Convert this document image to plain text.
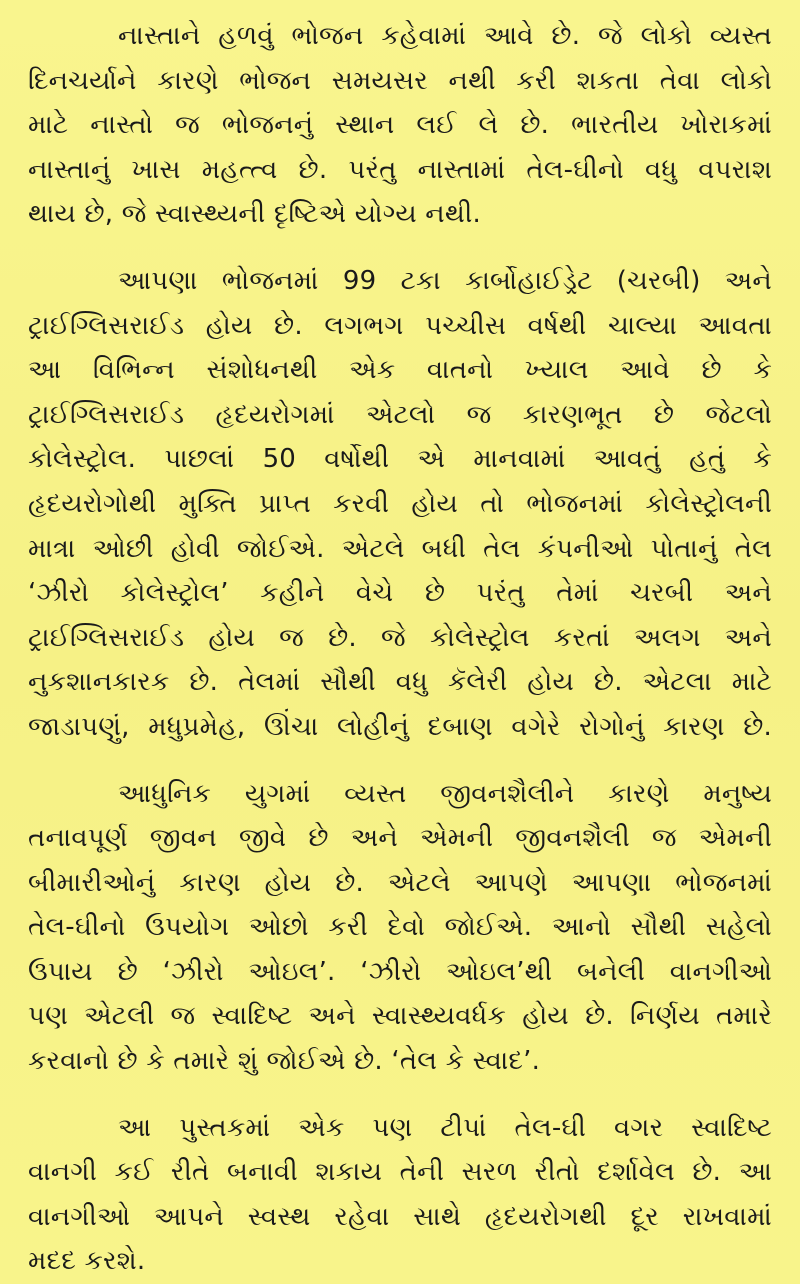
નાસ્તાને હળવું ભોજન કહેવામાં આવે છે. જે લોકો વ્યસ્ત
દિનચર્યાને કારણે ભોજન સમયસર નથી કરી શકતા તેવા લોકો
માટે નાસ્તો જ ભોજનનું સ્થાન લઈ લે છે. ભારતીય ખોરાકમાં
નાસ્તાનું ખાસ મહત્ત્વ છે. પરંતુ નાસ્તામાં તેલ-ઘીનો વધુ વપરાશ
થાય છે, જે સ્વાસ્થ્યની દૃષ્ટિએ યોગ્ય નથી.
આપણા ભોજનમાં 99 ટકા કાર્બોહાઈડ્રેટ (ચરબી) અને
ટ્રાઈગ્લિસરાઈડ હોય છે. લગભગ પચ્ચીસ વર્ષથી ચાલ્યા આવતા
આ વિભિન્ન સંશોધનથી એક વાતનો ખ્યાલ આવે છે કે
ટ્રાઈગ્લિસરાઈડ હૃદયરોગમાં એટલો જ કારણભૂત છે જેટલો
કોલેસ્ટ્રોલ. પાછલાં 50 વર્ષોથી એ માનવામાં આવતું હતું કે
હૃદયરોગોથી મુક્તિ પ્રાપ્ત કરવી હોય તો ભોજનમાં કોલેસ્ટ્રોલની
માત્રા ઓછી હોવી જોઈએ. એટલે બધી તેલ કંપનીઓ પોતાનું તેલ
‘ઝીરો કોલેસ્ટ્રોલ’ કહીને વેચે છે પરંતુ તેમાં ચરબી અને
ટ્રાઈગ્લિસરાઈડ હોય જ છે. જે કોલેસ્ટ્રોલ કરતાં અલગ અને
નુકશાનકારક છે. તેલમાં સૌથી વધુ કૅલેરી હોય છે. એટલા માટે
જાડાપણું, મધુપ્રમેહ, ઊંચા લોહીનું દબાણ વગેરે રોગોનું કારણ છે.
આધુનિક યુગમાં વ્યસ્ત જીવનશૈલીને કારણે મનુષ્ય
તનાવપૂર્ણ જીવન જીવે છે અને એમની જીવનશૈલી જ એમની
બીમારીઓનું કારણ હોય છે. એટલે આપણે આપણા ભોજનમાં
તેલ-ઘીનો ઉપયોગ ઓછો કરી દેવો જોઈએ. આનો સૌથી સહેલો
ઉપાય છે ‘ઝીરો ઓઇલ’. ‘ઝીરો ઓઇલ’થી બનેલી વાનગીઓ
પણ એટલી જ સ્વાદિષ્ટ અને સ્વાસ્થ્યવર્ધક હોય છે. નિર્ણય તમારે
કરવાનો છે કે તમારે શું જોઈએ છે. ‘તેલ કે સ્વાદ’.
આ પુસ્તકમાં એક પણ ટીપાં તેલ-ઘી વગર સ્વાદિષ્ટ
વાનગી કઈ રીતે બનાવી શકાય તેની સરળ રીતો દર્શાવેલ છે. આ
વાનગીઓ આપને સ્વસ્થ રહેવા સાથે હૃદયરોગથી દૂર રાખવામાં
મદદ કરશે.
